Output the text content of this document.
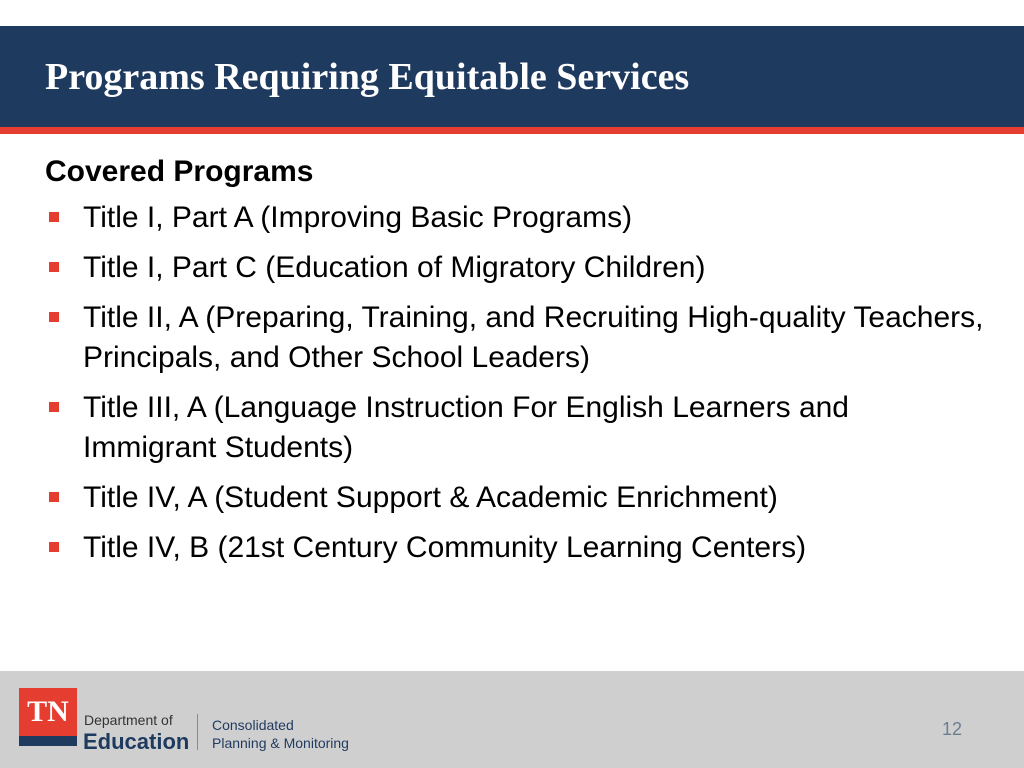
Programs Requiring Equitable Services
Covered Programs
Title I, Part A (Improving Basic Programs)
Title I, Part C (Education of Migratory Children)
Title II, A (Preparing, Training, and Recruiting High-quality Teachers, Principals, and Other School Leaders)
Title III, A (Language Instruction For English Learners and Immigrant Students)
Title IV, A (Student Support & Academic Enrichment)
Title IV, B (21st Century Community Learning Centers)
TN	Department of
Education
Consolidated
Planning & Monitoring
12
